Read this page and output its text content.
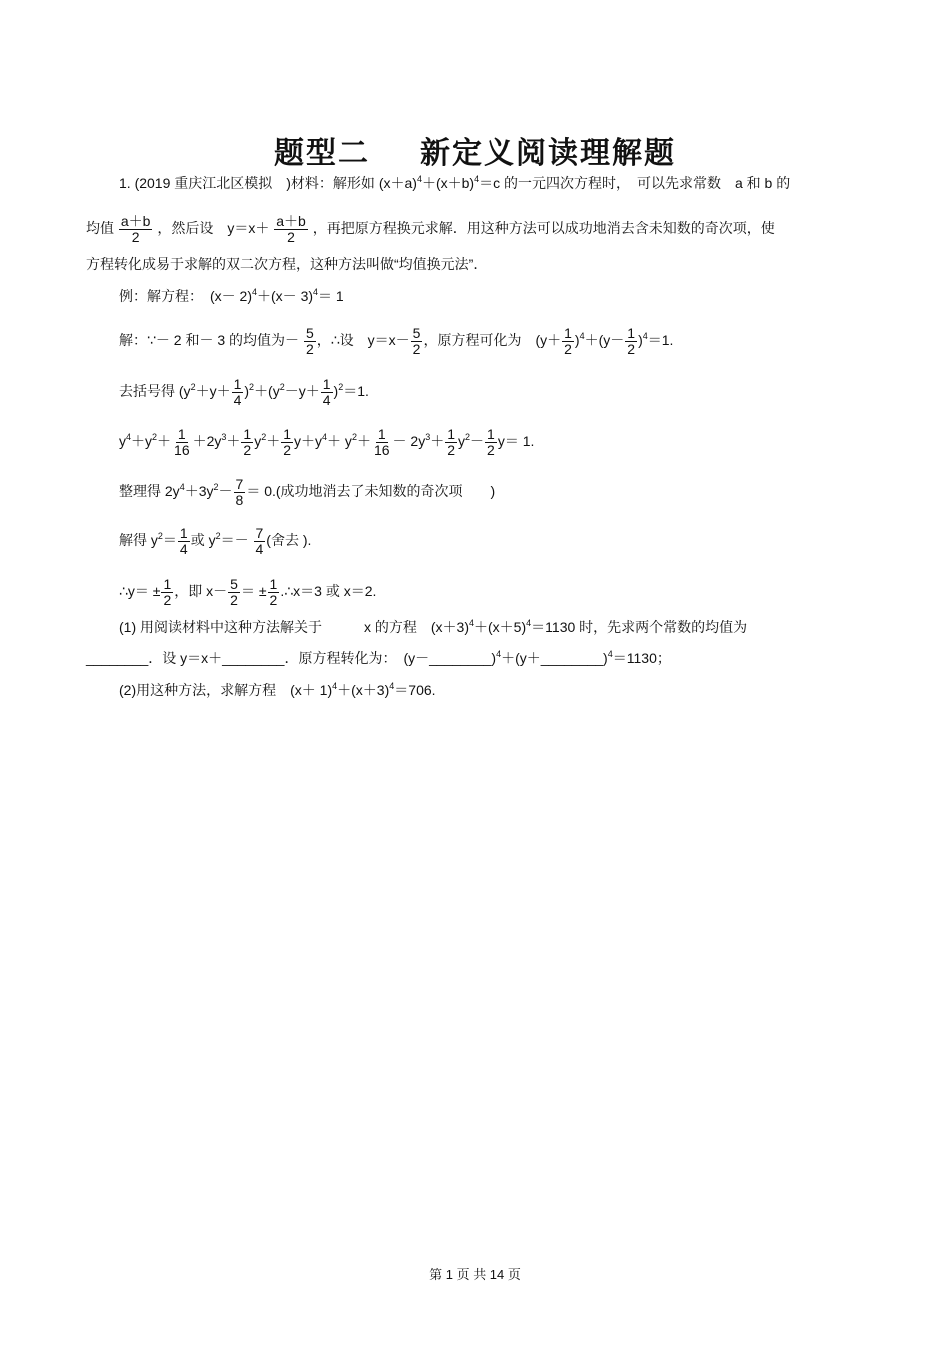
题型二 新定义阅读理解题
1. (2019 重庆江北区模拟　)材料：解形如 $(x+a)^4+(x+b)^4=c$ 的一元四次方程时，　可以先求常数　a 和 b 的
均值 $\frac{a+b}{2}$ ，然后设　$y=x+ \frac{a+b}{2}$ ，再把原方程换元求解．用这种方法可以成功地消去含未知数的奇次项，使
方程转化成易于求解的双二次方程，这种方法叫做“均值换元法”．
例：解方程：　$(x- 2)^4+(x- 3)^4= 1$
解：∵－ 2 和－ 3 的均值为－ $\frac{5}{2}$ ，∴设　$y=x- \frac{5}{2}$ ，原方程可化为　$(y+ \frac{1}{2} )^4+(y- \frac{1}{2} )^4=1$.
去括号得 $(y^2+y+ \frac{1}{4} )^2+(y^2-y+ \frac{1}{4} )^2=1$.
$y^4+y^2+ \frac{1}{16} +2y^3+ \frac{1}{2} y^2+ \frac{1}{2} y+y^4+ y^2+ \frac{1}{16} - 2y^3+ \frac{1}{2} y^2- \frac{1}{2} y= 1$.
整理得 $2y^4+3y^2- \frac{7}{8} = 0$.(成功地消去了未知数的奇次项　　)
解得 $y^2= \frac{1}{4}$ 或 $y^2=- \frac{7}{4}$ (舍去 ).
∴y＝ ± $\frac{1}{2}$ ，即 $x- \frac{5}{2}$ ＝ ± $\frac{1}{2}$ .∴x＝3 或 x＝2.
(1) 用阅读材料中这种方法解关于　　　x 的方程　$(x+3)^4+(x+5)^4=1130$ 时，先求两个常数的均值为
________．设 y＝x＋________．原方程转化为：　(y－________)$^4$＋(y＋________)$^4$＝1130；
(2)用这种方法，求解方程　$(x+ 1)^4+(x+3)^4=706$.
第 1 页 共 14 页
